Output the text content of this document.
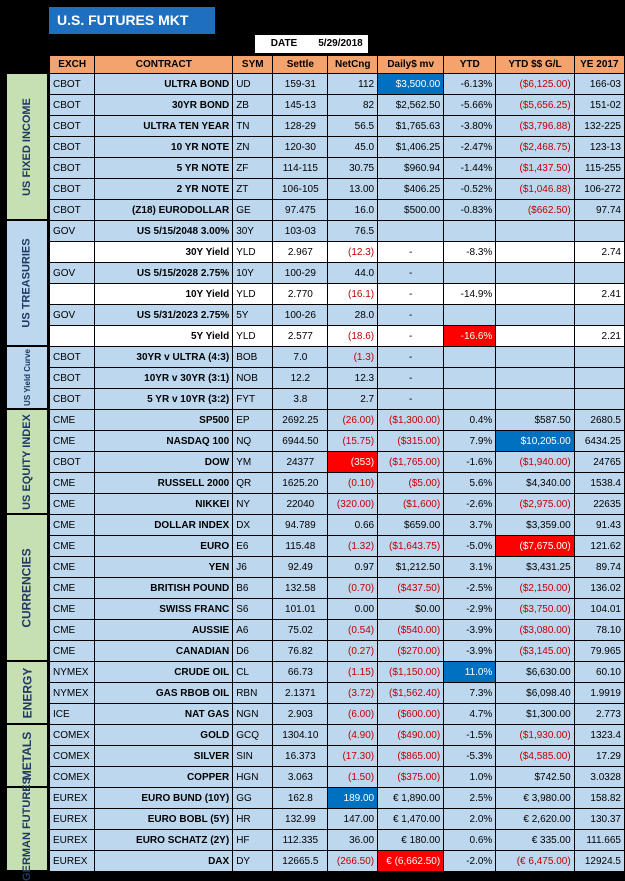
U.S. FUTURES MKT
DATE	5/29/2018
US FIXED INCOME
US TREASURIES
US Yield Curve
US EQUITY INDEX
CURRENCIES
ENERGY
METALS
GERMAN FUTURES
EXCH	CONTRACT	SYM	Settle	NetCng	Daily$ mv	YTD	YTD $$ G/L	YE 2017
CBOT	ULTRA BOND	UD	159-31	112	$3,500.00	-6.13%	($6,125.00)	166-03
CBOT	30YR BOND	ZB	145-13	82	$2,562.50	-5.66%	($5,656.25)	151-02
CBOT	ULTRA TEN YEAR	TN	128-29	56.5	$1,765.63	-3.80%	($3,796.88)	132-225
CBOT	10 YR NOTE	ZN	120-30	45.0	$1,406.25	-2.47%	($2,468.75)	123-13
CBOT	5 YR NOTE	ZF	114-115	30.75	$960.94	-1.44%	($1,437.50)	115-255
CBOT	2 YR NOTE	ZT	106-105	13.00	$406.25	-0.52%	($1,046.88)	106-272
CBOT	(Z18) EURODOLLAR	GE	97.475	16.0	$500.00	-0.83%	($662.50)	97.74
GOV	US 5/15/2048 3.00%	30Y	103-03	76.5				
	30Y Yield	YLD	2.967	(12.3)	-	-8.3%		2.74
GOV	US 5/15/2028 2.75%	10Y	100-29	44.0	-			
	10Y Yield	YLD	2.770	(16.1)	-	-14.9%		2.41
GOV	US 5/31/2023 2.75%	5Y	100-26	28.0	-			
	5Y Yield	YLD	2.577	(18.6)	-	-16.6%		2.21
CBOT	30YR v ULTRA (4:3)	BOB	7.0	(1.3)	-			
CBOT	10YR v 30YR (3:1)	NOB	12.2	12.3	-			
CBOT	5 YR v 10YR (3:2)	FYT	3.8	2.7	-			
CME	SP500	EP	2692.25	(26.00)	($1,300.00)	0.4%	$587.50	2680.5
CME	NASDAQ 100	NQ	6944.50	(15.75)	($315.00)	7.9%	$10,205.00	6434.25
CBOT	DOW	YM	24377	(353)	($1,765.00)	-1.6%	($1,940.00)	24765
CME	RUSSELL 2000	QR	1625.20	(0.10)	($5.00)	5.6%	$4,340.00	1538.4
CME	NIKKEI	NY	22040	(320.00)	($1,600)	-2.6%	($2,975.00)	22635
CME	DOLLAR INDEX	DX	94.789	0.66	$659.00	3.7%	$3,359.00	91.43
CME	EURO	E6	115.48	(1.32)	($1,643.75)	-5.0%	($7,675.00)	121.62
CME	YEN	J6	92.49	0.97	$1,212.50	3.1%	$3,431.25	89.74
CME	BRITISH POUND	B6	132.58	(0.70)	($437.50)	-2.5%	($2,150.00)	136.02
CME	SWISS FRANC	S6	101.01	0.00	$0.00	-2.9%	($3,750.00)	104.01
CME	AUSSIE	A6	75.02	(0.54)	($540.00)	-3.9%	($3,080.00)	78.10
CME	CANADIAN	D6	76.82	(0.27)	($270.00)	-3.9%	($3,145.00)	79.965
NYMEX	CRUDE OIL	CL	66.73	(1.15)	($1,150.00)	11.0%	$6,630.00	60.10
NYMEX	GAS RBOB OIL	RBN	2.1371	(3.72)	($1,562.40)	7.3%	$6,098.40	1.9919
ICE	NAT GAS	NGN	2.903	(6.00)	($600.00)	4.7%	$1,300.00	2.773
COMEX	GOLD	GCQ	1304.10	(4.90)	($490.00)	-1.5%	($1,930.00)	1323.4
COMEX	SILVER	SIN	16.373	(17.30)	($865.00)	-5.3%	($4,585.00)	17.29
COMEX	COPPER	HGN	3.063	(1.50)	($375.00)	1.0%	$742.50	3.0328
EUREX	EURO BUND (10Y)	GG	162.8	189.00	€ 1,890.00	2.5%	€ 3,980.00	158.82
EUREX	EURO BOBL (5Y)	HR	132.99	147.00	€ 1,470.00	2.0%	€ 2,620.00	130.37
EUREX	EURO SCHATZ (2Y)	HF	112.335	36.00	€ 180.00	0.6%	€ 335.00	111.665
EUREX	DAX	DY	12665.5	(266.50)	€ (6,662.50)	-2.0%	(€ 6,475.00)	12924.5
